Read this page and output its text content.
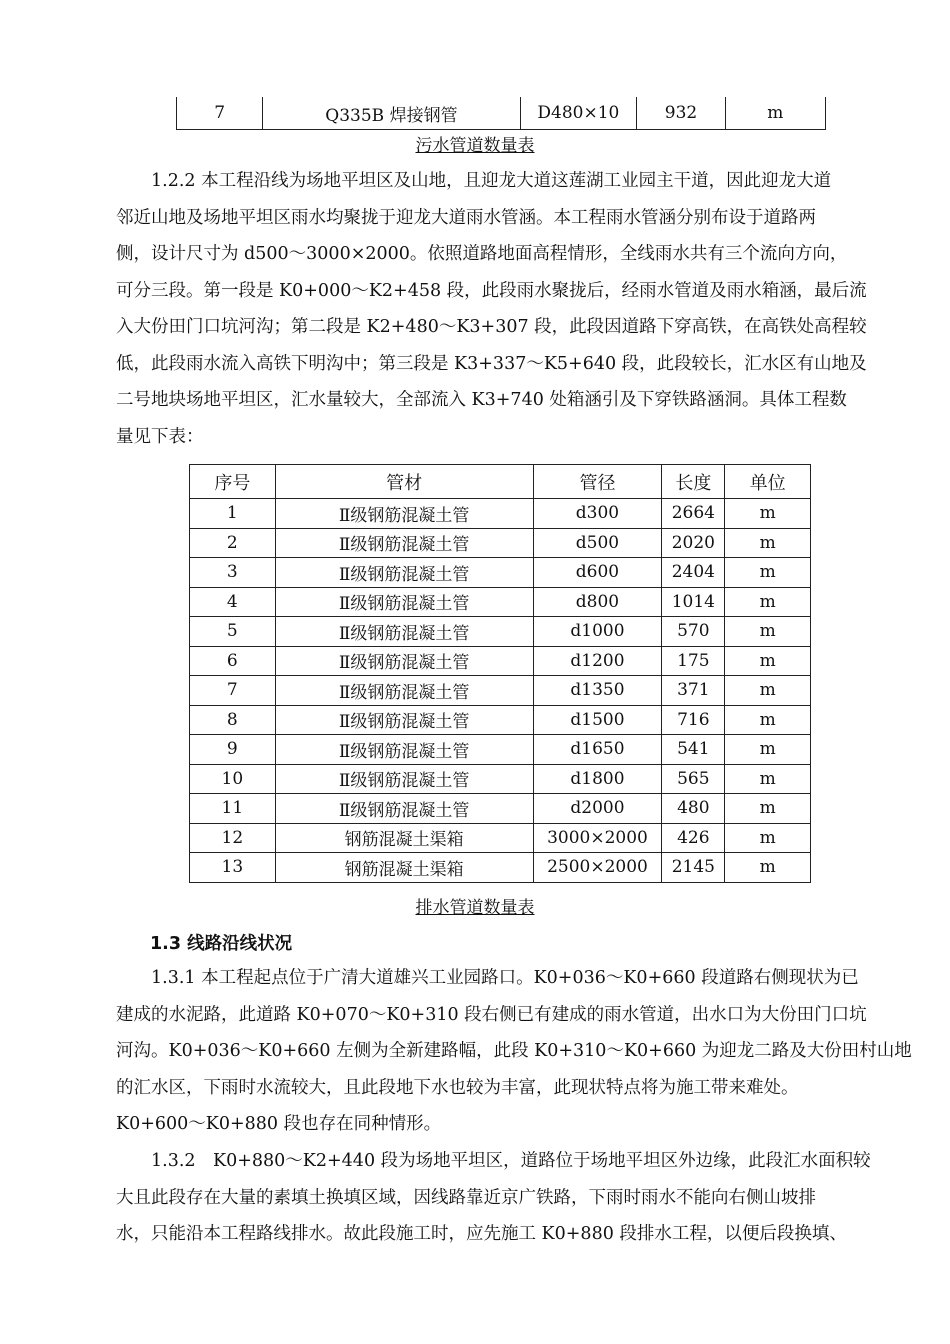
7	Q335B 焊接钢管	D480×10	932	m
污水管道数量表
1.2.2 本工程沿线为场地平坦区及山地，且迎龙大道这莲湖工业园主干道，因此迎龙大道
邻近山地及场地平坦区雨水均聚拢于迎龙大道雨水管涵。本工程雨水管涵分别布设于道路两
侧，设计尺寸为 d500～3000×2000。依照道路地面高程情形，全线雨水共有三个流向方向，
可分三段。第一段是 K0+000～K2+458 段，此段雨水聚拢后，经雨水管道及雨水箱涵，最后流
入大份田门口坑河沟；第二段是 K2+480～K3+307 段，此段因道路下穿高铁，在高铁处高程较
低，此段雨水流入高铁下明沟中；第三段是 K3+337～K5+640 段，此段较长，汇水区有山地及
二号地块场地平坦区，汇水量较大，全部流入 K3+740 处箱涵引及下穿铁路涵洞。具体工程数
量见下表：
序号	管材	管径	长度	单位
1	Ⅱ级钢筋混凝土管	d300	2664	m
2	Ⅱ级钢筋混凝土管	d500	2020	m
3	Ⅱ级钢筋混凝土管	d600	2404	m
4	Ⅱ级钢筋混凝土管	d800	1014	m
5	Ⅱ级钢筋混凝土管	d1000	570	m
6	Ⅱ级钢筋混凝土管	d1200	175	m
7	Ⅱ级钢筋混凝土管	d1350	371	m
8	Ⅱ级钢筋混凝土管	d1500	716	m
9	Ⅱ级钢筋混凝土管	d1650	541	m
10	Ⅱ级钢筋混凝土管	d1800	565	m
11	Ⅱ级钢筋混凝土管	d2000	480	m
12	钢筋混凝土渠箱	3000×2000	426	m
13	钢筋混凝土渠箱	2500×2000	2145	m
排水管道数量表
1.3 线路沿线状况
1.3.1 本工程起点位于广清大道雄兴工业园路口。K0+036～K0+660 段道路右侧现状为已
建成的水泥路，此道路 K0+070～K0+310 段右侧已有建成的雨水管道，出水口为大份田门口坑
河沟。K0+036～K0+660 左侧为全新建路幅，此段 K0+310～K0+660 为迎龙二路及大份田村山地
的汇水区，下雨时水流较大，且此段地下水也较为丰富，此现状特点将为施工带来难处。
K0+600～K0+880 段也存在同种情形。
1.3.2　K0+880～K2+440 段为场地平坦区，道路位于场地平坦区外边缘，此段汇水面积较
大且此段存在大量的素填土换填区域，因线路靠近京广铁路，下雨时雨水不能向右侧山坡排
水，只能沿本工程路线排水。故此段施工时，应先施工 K0+880 段排水工程，以便后段换填、
